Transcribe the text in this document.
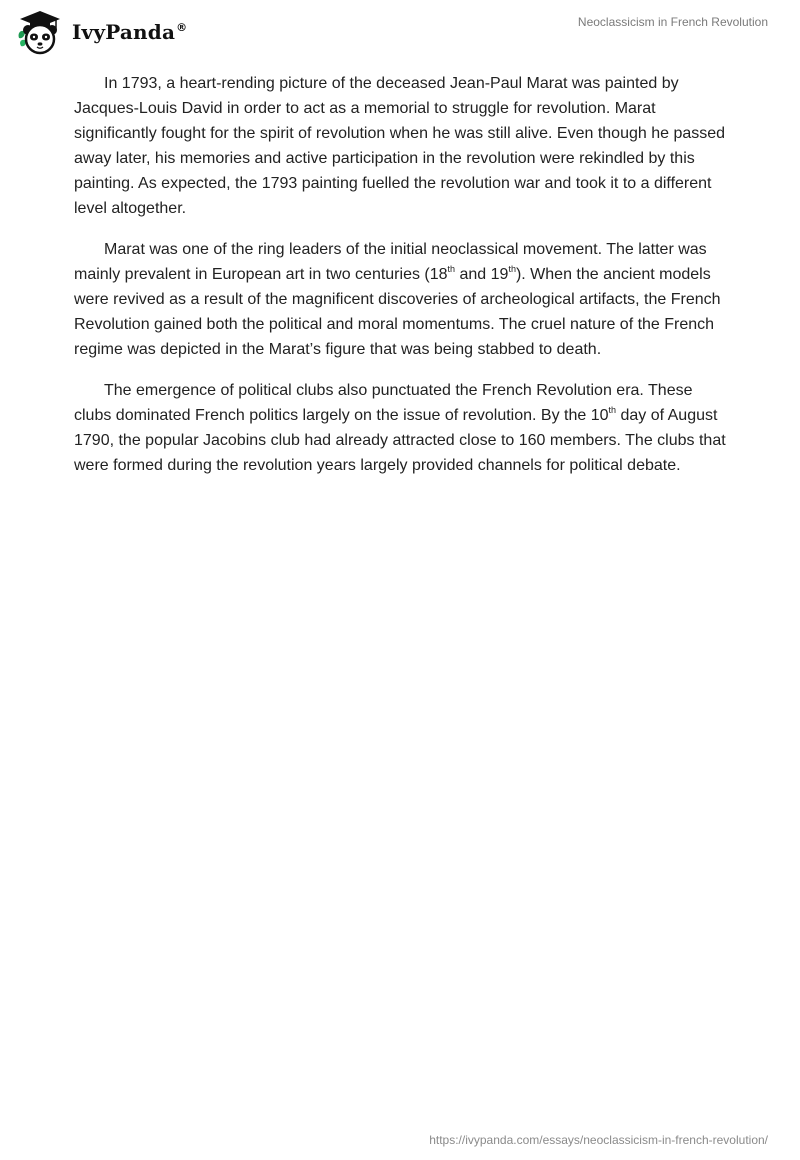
IvyPanda®	Neoclassicism in French Revolution

In 1793, a heart-rending picture of the deceased Jean-Paul Marat was painted by Jacques-Louis David in order to act as a memorial to struggle for revolution. Marat significantly fought for the spirit of revolution when he was still alive. Even though he passed away later, his memories and active participation in the revolution were rekindled by this painting. As expected, the 1793 painting fuelled the revolution war and took it to a different level altogether.

Marat was one of the ring leaders of the initial neoclassical movement. The latter was mainly prevalent in European art in two centuries (18th and 19th). When the ancient models were revived as a result of the magnificent discoveries of archeological artifacts, the French Revolution gained both the political and moral momentums. The cruel nature of the French regime was depicted in the Marat’s figure that was being stabbed to death.

The emergence of political clubs also punctuated the French Revolution era. These clubs dominated French politics largely on the issue of revolution. By the 10th day of August 1790, the popular Jacobins club had already attracted close to 160 members. The clubs that were formed during the revolution years largely provided channels for political debate.

https://ivypanda.com/essays/neoclassicism-in-french-revolution/
